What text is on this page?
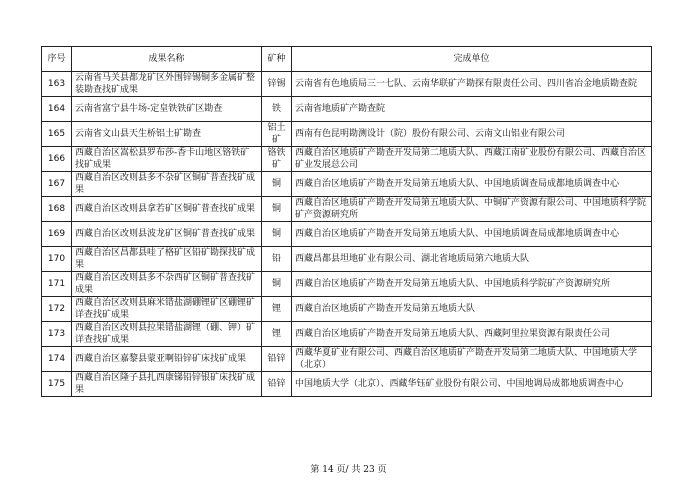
序号	成果名称	矿种	完成单位
163	云南省马关县都龙矿区外围锌锡铜多金属矿整装勘查找矿成果	锌锡	云南省有色地质局三一七队、云南华联矿产勘探有限责任公司、四川省冶金地质勘查院
164	云南省富宁县牛场-定皇铁铁矿区勘查	铁	云南省地质矿产勘查院
165	云南省文山县天生桥铝土矿勘查	铝土矿	西南有色昆明勘测设计（院）股份有限公司、云南文山铝业有限公司
166	西藏自治区嵩松县罗布莎-香卡山地区铬铁矿找矿成果	铬铁矿	西藏自治区地质矿产勘查开发局第二地质大队、西藏江南矿业股份有限公司、西藏自治区矿业发展总公司
167	西藏自治区改则县多不杂矿区铜矿普查找矿成果	铜	西藏自治区地质矿产勘查开发局第五地质大队、中国地质调查局成都地质调查中心
168	西藏自治区改则县拿若矿区铜矿普查找矿成果	铜	西藏自治区地质矿产勘查开发局第五地质大队、中铜矿产资源有限公司、中国地质科学院矿产资源研究所
169	西藏自治区改则县波龙矿区铜矿普查找矿成果	铜	西藏自治区地质矿产勘查开发局第五地质大队、中国地质调查局成都地质调查中心
170	西藏自治区昌都县哇了格矿区铅矿勘探找矿成果	铅	西藏昌都县坦地矿业有限公司、湖北省地质局第六地质大队
171	西藏自治区改则县多不杂西矿区铜矿普查找矿成果	铜	西藏自治区地质矿产勘查开发局第五地质大队、中国地质科学院矿产资源研究所
172	西藏自治区改则县麻米错盐湖硼锂矿区硼锂矿详查找矿成果	锂	西藏自治区地质矿产勘查开发局第五地质大队
173	西藏自治区改则县拉果错盐湖锂（硼、钾）矿详查找矿成果	锂	西藏自治区地质矿产勘查开发局第五地质大队、西藏阿里拉果资源有限责任公司
174	西藏自治区嘉黎县蒙亚啊铅锌矿床找矿成果	铅锌	西藏华夏矿业有限公司、西藏自治区地质矿产勘查开发局第二地质大队、中国地质大学（北京）
175	西藏自治区隆子县扎西康锑铅锌银矿床找矿成果	铅锌	中国地质大学（北京）、西藏华钰矿业股份有限公司、中国地调局成都地质调查中心
第 14 页/ 共 23 页
